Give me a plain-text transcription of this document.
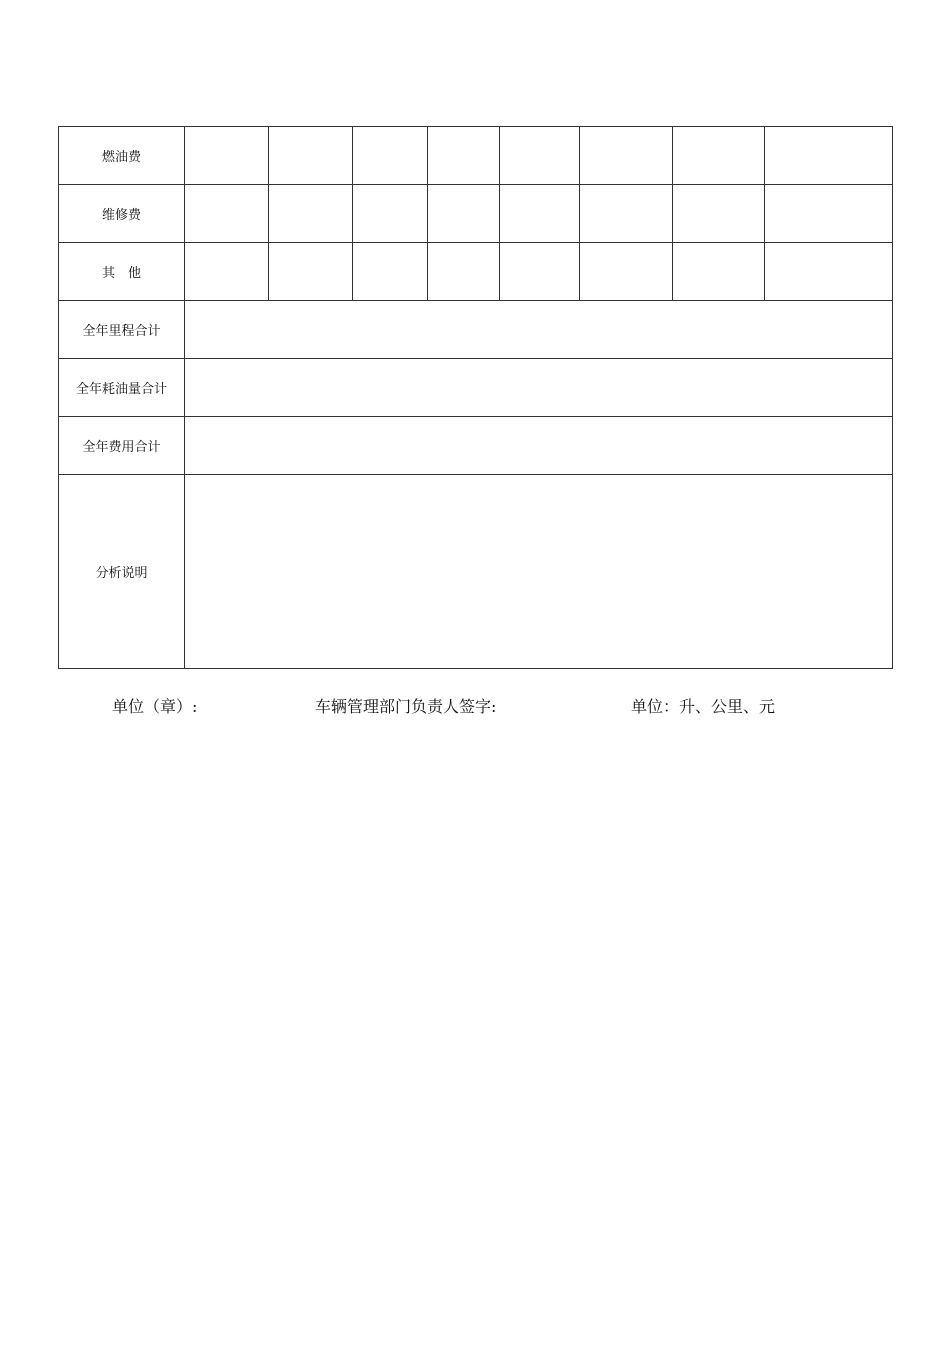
燃油费								
维修费								
其　他								
全年里程合计								
全年耗油量合计								
全年费用合计								
分析说明								
单位（章）:	车辆管理部门负责人签字:	单位：升、公里、元
